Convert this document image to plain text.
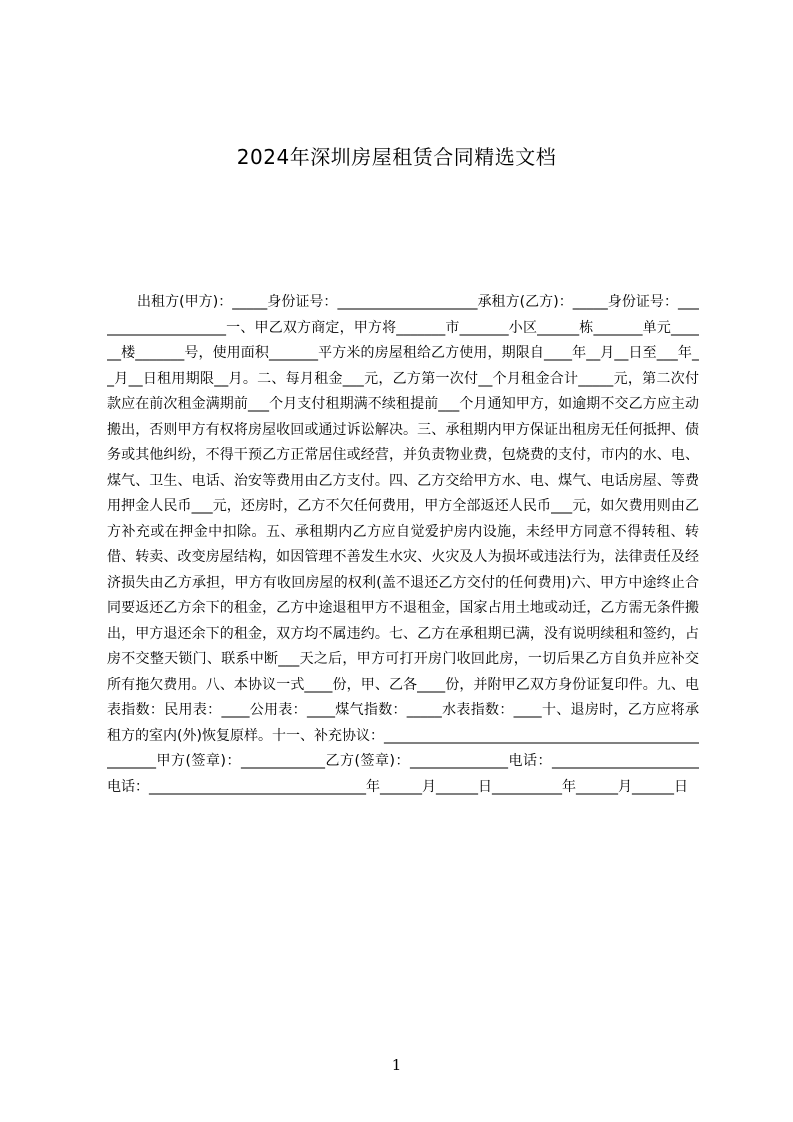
2024年深圳房屋租赁合同精选文档
出租方(甲方)：_____身份证号：____________________承租方(乙方)：_____身份证号：____________________一、甲乙双方商定，甲方将_______市_______小区______栋_______单元______楼_______号，使用面积_______平方米的房屋租给乙方使用，期限自____年__月__日至___年__月__日租用期限__月。二、每月租金___元，乙方第一次付__个月租金合计_____元，第二次付款应在前次租金满期前___个月支付租期满不续租提前___个月通知甲方，如逾期不交乙方应主动搬出，否则甲方有权将房屋收回或通过诉讼解决。三、承租期内甲方保证出租房无任何抵押、债务或其他纠纷，不得干预乙方正常居住或经营，并负责物业费，包烧费的支付，市内的水、电、煤气、卫生、电话、治安等费用由乙方支付。四、乙方交给甲方水、电、煤气、电话房屋、等费用押金人民币___元，还房时，乙方不欠任何费用，甲方全部返还人民币___元，如欠费用则由乙方补充或在押金中扣除。五、承租期内乙方应自觉爱护房内设施，未经甲方同意不得转租、转借、转卖、改变房屋结构，如因管理不善发生水灾、火灾及人为损坏或违法行为，法律责任及经济损失由乙方承担，甲方有收回房屋的权利(盖不退还乙方交付的任何费用)六、甲方中途终止合同要返还乙方余下的租金，乙方中途退租甲方不退租金，国家占用土地或动迁，乙方需无条件搬出，甲方退还余下的租金，双方均不属违约。七、乙方在承租期已满，没有说明续租和签约，占房不交整天锁门、联系中断___天之后，甲方可打开房门收回此房，一切后果乙方自负并应补交所有拖欠费用。八、本协议一式____份，甲、乙各____份，并附甲乙双方身份证复印件。九、电表指数：民用表：____公用表：____煤气指数：_____水表指数：____十、退房时，乙方应将承租方的室内(外)恢复原样。十一、补充协议：____________________________________________________甲方(签章)：____________乙方(签章)：______________电话：_____________________电话：_______________________________年______月______日__________年______月______日
1
